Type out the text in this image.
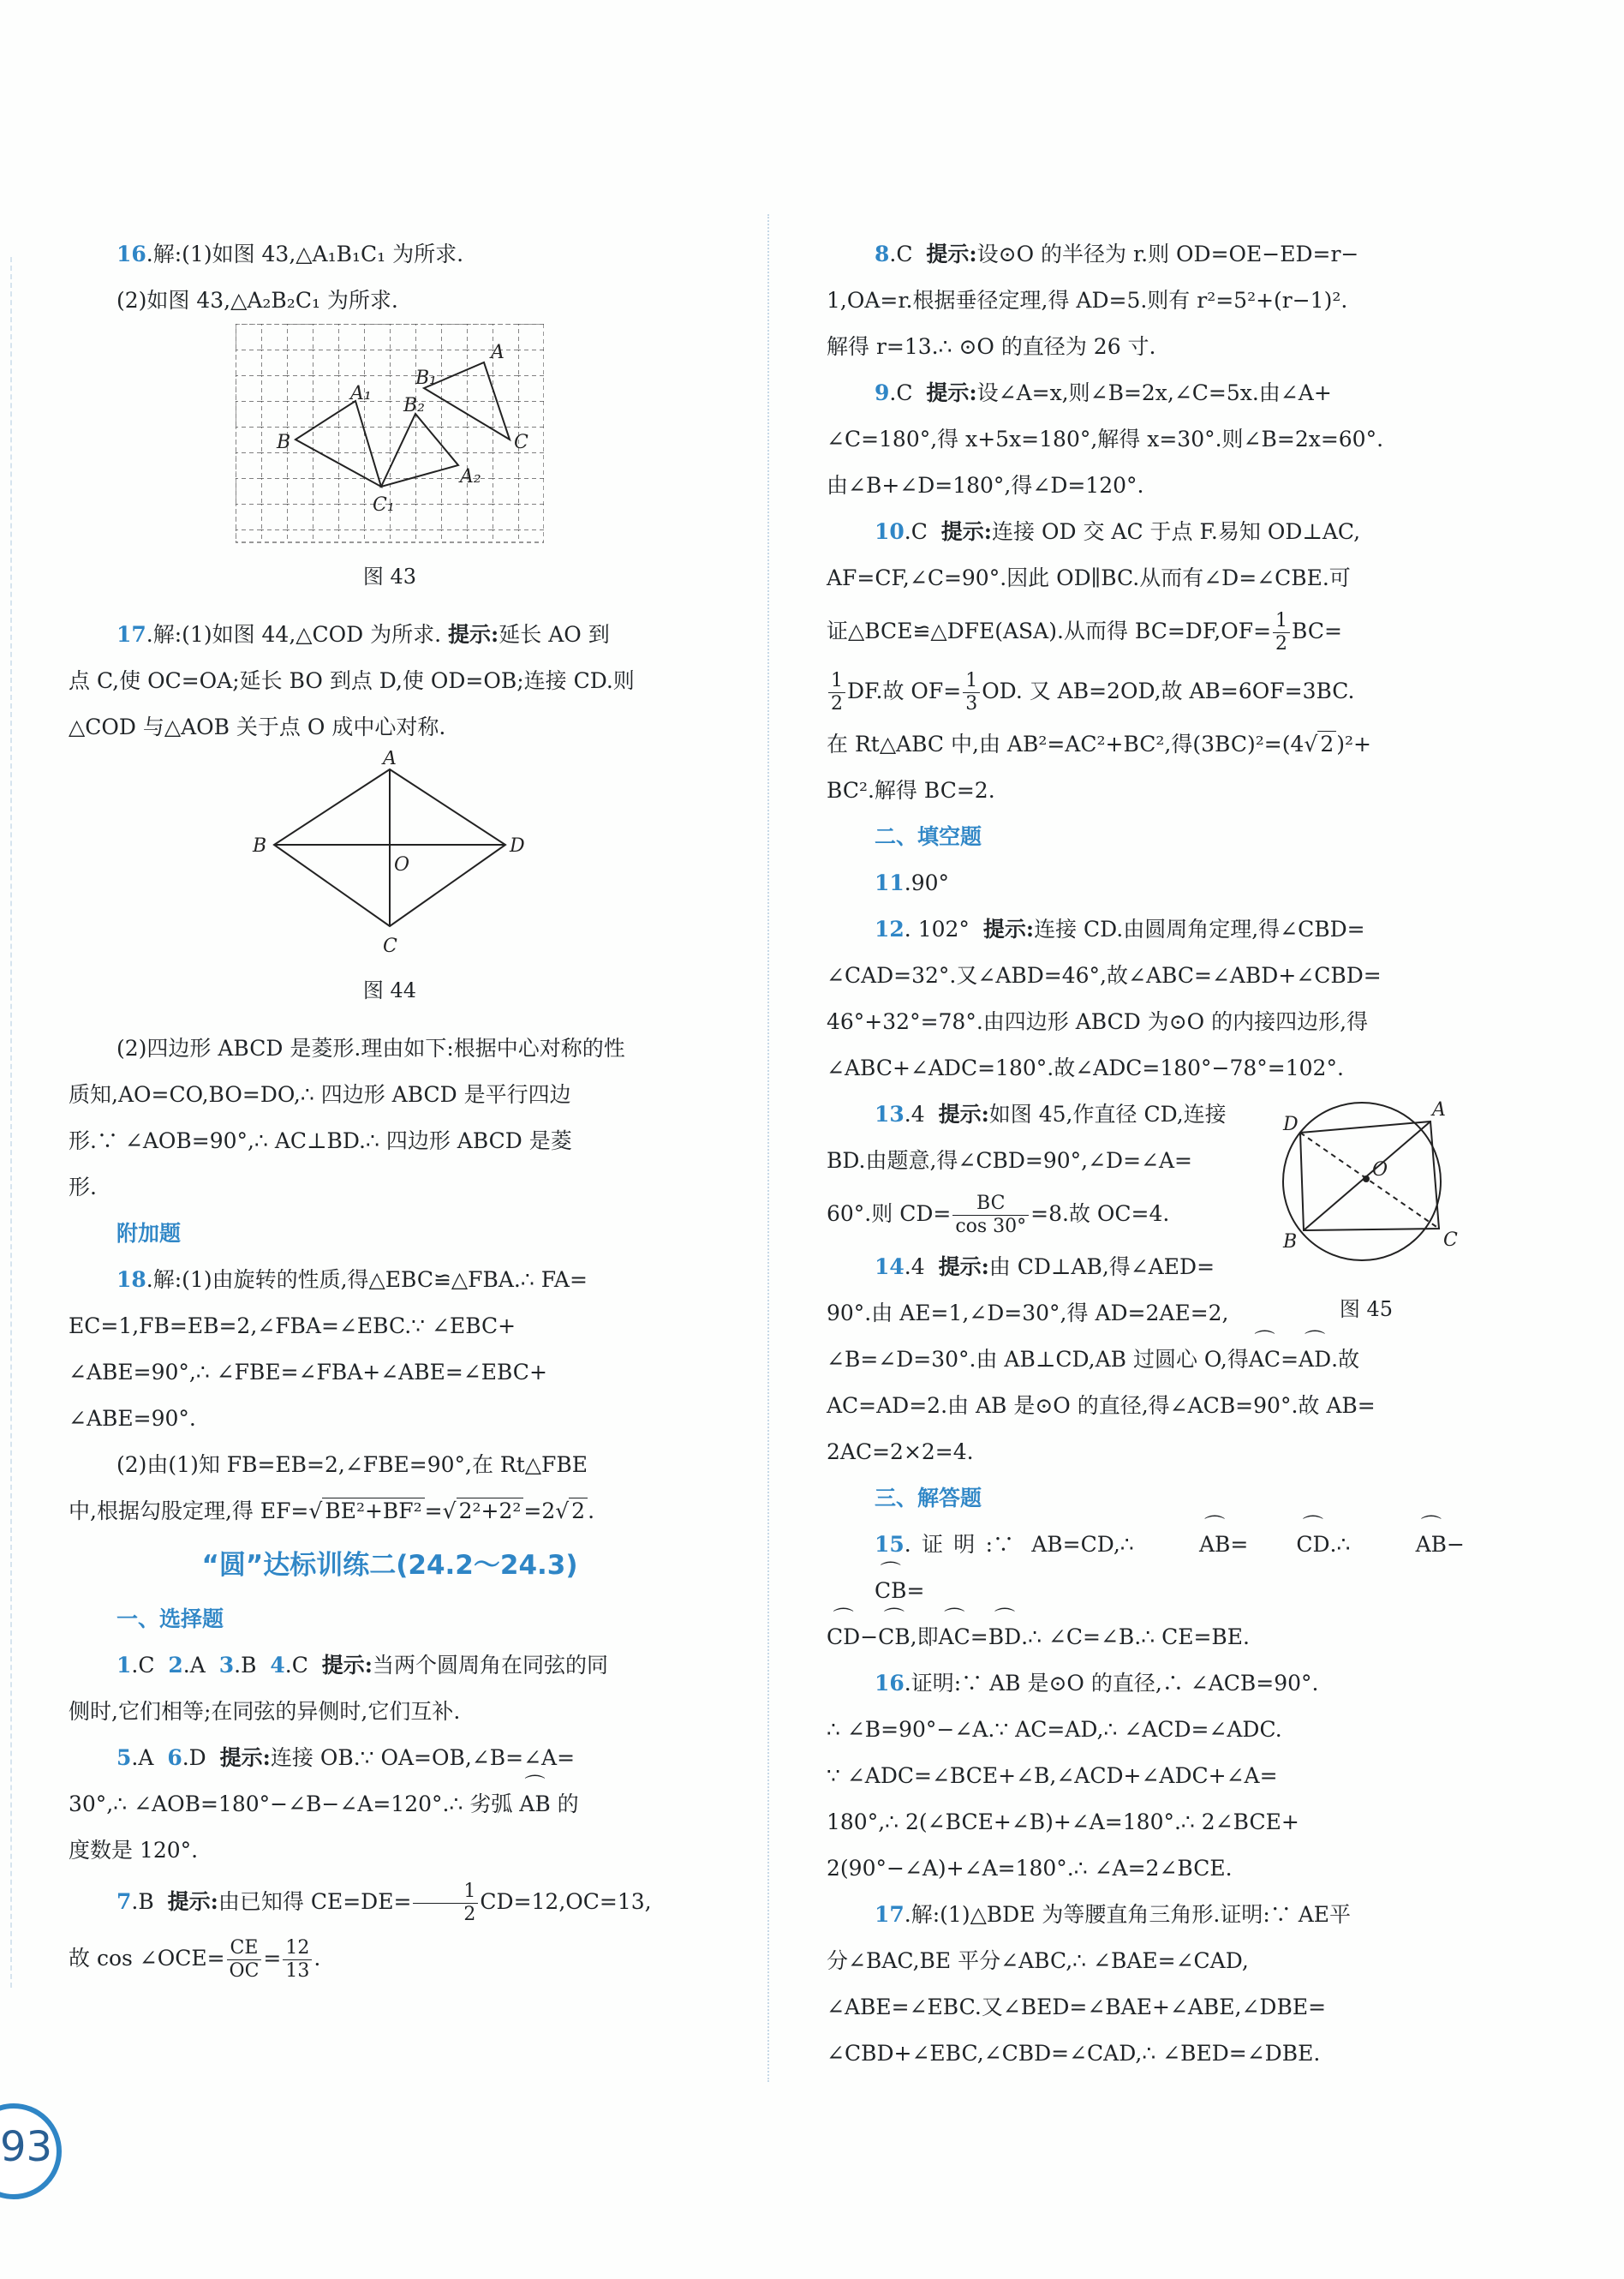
16.解:(1)如图 43,△A₁B₁C₁ 为所求.

(2)如图 43,△A₂B₂C₁ 为所求.

B
A₁
B₁
B₂
A
C
C₁
A₂
图 43

17.解:(1)如图 44,△COD 为所求. 提示:延长 AO 到

点 C,使 OC=OA;延长 BO 到点 D,使 OD=OB;连接 CD.则

△COD 与△AOB 关于点 O 成中心对称.

A
B
O
D
C
图 44

(2)四边形 ABCD 是菱形.理由如下:根据中心对称的性

质知,AO=CO,BO=DO,∴ 四边形 ABCD 是平行四边

形.∵ ∠AOB=90°,∴ AC⊥BD.∴ 四边形 ABCD 是菱

形.

附加题

18.解:(1)由旋转的性质,得△EBC≌△FBA.∴ FA=

EC=1,FB=EB=2,∠FBA=∠EBC.∵ ∠EBC+

∠ABE=90°,∴ ∠FBE=∠FBA+∠ABE=∠EBC+

∠ABE=90°.

(2)由(1)知 FB=EB=2,∠FBE=90°,在 Rt△FBE

中,根据勾股定理,得 EF=√ BE²+BF² =√ 2²+2² =2√ 2 .

“圆”达标训练二(24.2～24.3)

一、选择题

1.C 2.A 3.B 4.C 提示:当两个圆周角在同弦的同

侧时,它们相等;在同弦的异侧时,它们互补.

5.A 6.D 提示:连接 OB.∵ OA=OB,∠B=∠A=

30°,∴ ∠AOB=180°−∠B−∠A=120°.∴ 劣弧 ⌒ AB 的

度数是 120°.

7.B 提示:由已知得 $CE=DE= \frac{1}{2} CD=12,OC=13$,

故 cos ∠OCE= $\frac{CE}{OC} = \frac{12}{13}$ .

8.C 提示:设⊙O 的半径为 r.则 OD=OE−ED=r−

1,OA=r.根据垂径定理,得 AD=5.则有 r²=5²+(r−1)².

解得 r=13.∴ ⊙O 的直径为 26 寸.

9.C 提示:设∠A=x,则∠B=2x,∠C=5x.由∠A+

∠C=180°,得 x+5x=180°,解得 x=30°.则∠B=2x=60°.

由∠B+∠D=180°,得∠D=120°.

10.C 提示:连接 OD 交 AC 于点 F.易知 OD⊥AC,

AF=CF,∠C=90°.因此 OD∥BC.从而有∠D=∠CBE.可

证△BCE≌△DFE(ASA).从而得 $BC=DF,OF= \frac{1}{2} BC=$

$\frac{1}{2}$ DF.故 $OF= \frac{1}{3}$ OD. 又 AB=2OD,故 AB=6OF=3BC.

在 Rt△ABC 中,由 AB²=AC²+BC²,得(3BC)²=(4√ 2 )²+

BC².解得 BC=2.

二、填空题

11.90°

12. 102° 提示:连接 CD.由圆周角定理,得∠CBD=

∠CAD=32°.又∠ABD=46°,故∠ABC=∠ABD+∠CBD=

46°+32°=78°.由四边形 ABCD 为⊙O 的内接四边形,得

∠ABC+∠ADC=180°.故∠ADC=180°−78°=102°.

13.4 提示:如图 45,作直径 CD,连接

BD.由题意,得∠CBD=90°,∠D=∠A=

60°.则 $CD= \frac{BC}{\cos 30^\circ} =8$.故 OC=4.

14.4 提示:由 CD⊥AB,得∠AED=

D
A
O
B	C
图 45

90°.由 AE=1,∠D=30°,得 AD=2AE=2,

∠B=∠D=30°.由 AB⊥CD,AB 过圆心 O,得⌒ AC=⌒ AD.故

AC=AD=2.由 AB 是⊙O 的直径,得∠ACB=90°.故 AB=

2AC=2×2=4.

三、解答题

15.证明:∵ AB=CD,∴ ⌒ AB=⌒ CD.∴ ⌒ AB−⌒ CB=

⌒ CD−⌒ CB,即⌒ AC=⌒ BD.∴ ∠C=∠B.∴ CE=BE.

16.证明:∵ AB 是⊙O 的直径,∴ ∠ACB=90°.

∴ ∠B=90°−∠A.∵ AC=AD,∴ ∠ACD=∠ADC.

∵ ∠ADC=∠BCE+∠B,∠ACD+∠ADC+∠A=

180°,∴ 2(∠BCE+∠B)+∠A=180°.∴ 2∠BCE+

2(90°−∠A)+∠A=180°.∴ ∠A=2∠BCE.

17.解:(1)△BDE 为等腰直角三角形.证明:∵ AE平

分∠BAC,BE 平分∠ABC,∴ ∠BAE=∠CAD,

∠ABE=∠EBC.又∠BED=∠BAE+∠ABE,∠DBE=

∠CBD+∠EBC,∠CBD=∠CAD,∴ ∠BED=∠DBE.

93
